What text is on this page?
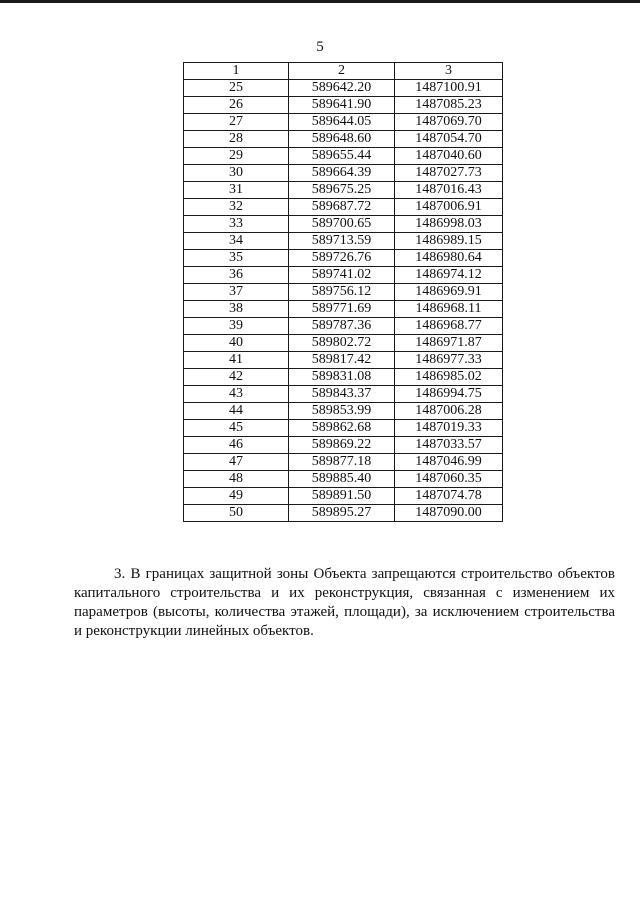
5
1	2	3
25	589642.20	1487100.91
26	589641.90	1487085.23
27	589644.05	1487069.70
28	589648.60	1487054.70
29	589655.44	1487040.60
30	589664.39	1487027.73
31	589675.25	1487016.43
32	589687.72	1487006.91
33	589700.65	1486998.03
34	589713.59	1486989.15
35	589726.76	1486980.64
36	589741.02	1486974.12
37	589756.12	1486969.91
38	589771.69	1486968.11
39	589787.36	1486968.77
40	589802.72	1486971.87
41	589817.42	1486977.33
42	589831.08	1486985.02
43	589843.37	1486994.75
44	589853.99	1487006.28
45	589862.68	1487019.33
46	589869.22	1487033.57
47	589877.18	1487046.99
48	589885.40	1487060.35
49	589891.50	1487074.78
50	589895.27	1487090.00

3. В границах защитной зоны Объекта запрещаются строительство объектов капитального строительства и их реконструкция, связанная с изменением их параметров (высоты, количества этажей, площади), за исключением строительства и реконструкции линейных объектов.
